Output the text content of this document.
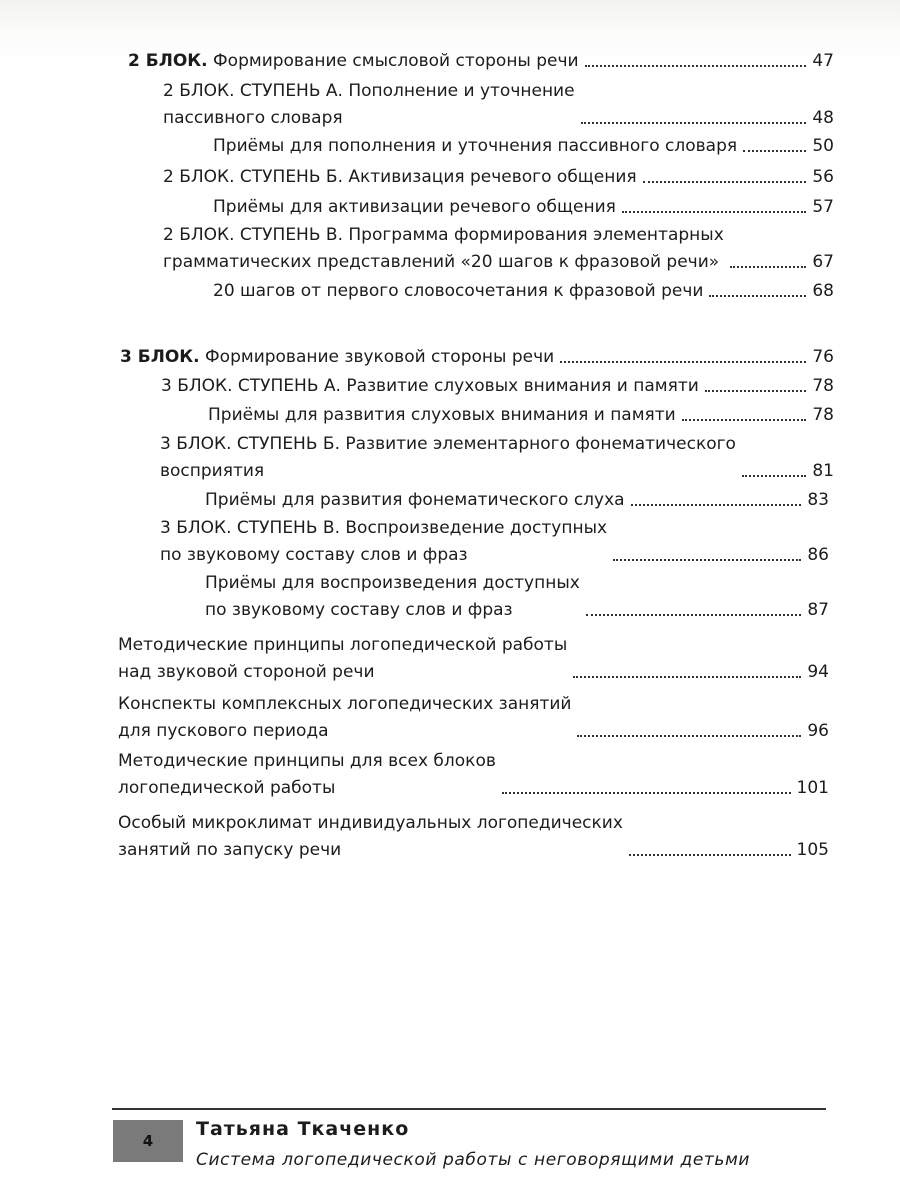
2 БЛОК. Формирование смысловой стороны речи	47
2 БЛОК. СТУПЕНЬ А. Пополнение и уточнение
пассивного словаря	48
Приёмы для пополнения и уточнения пассивного словаря	50
2 БЛОК. СТУПЕНЬ Б. Активизация речевого общения	56
Приёмы для активизации речевого общения	57
2 БЛОК. СТУПЕНЬ В. Программа формирования элементарных
грамматических представлений «20 шагов к фразовой речи»	67
20 шагов от первого словосочетания к фразовой речи	68
3 БЛОК. Формирование звуковой стороны речи	76
3 БЛОК. СТУПЕНЬ А. Развитие слуховых внимания и памяти	78
Приёмы для развития слуховых внимания и памяти	78
3 БЛОК. СТУПЕНЬ Б. Развитие элементарного фонематического
восприятия	81
Приёмы для развития фонематического слуха	83
3 БЛОК. СТУПЕНЬ В. Воспроизведение доступных
по звуковому составу слов и фраз	86
Приёмы для воспроизведения доступных
по звуковому составу слов и фраз	87
Методические принципы логопедической работы
над звуковой стороной речи	94
Конспекты комплексных логопедических занятий
для пускового периода	96
Методические принципы для всех блоков
логопедической работы	101
Особый микроклимат индивидуальных логопедических
занятий по запуску речи	105
4
Татьяна Ткаченко
Система логопедической работы с неговорящими детьми
